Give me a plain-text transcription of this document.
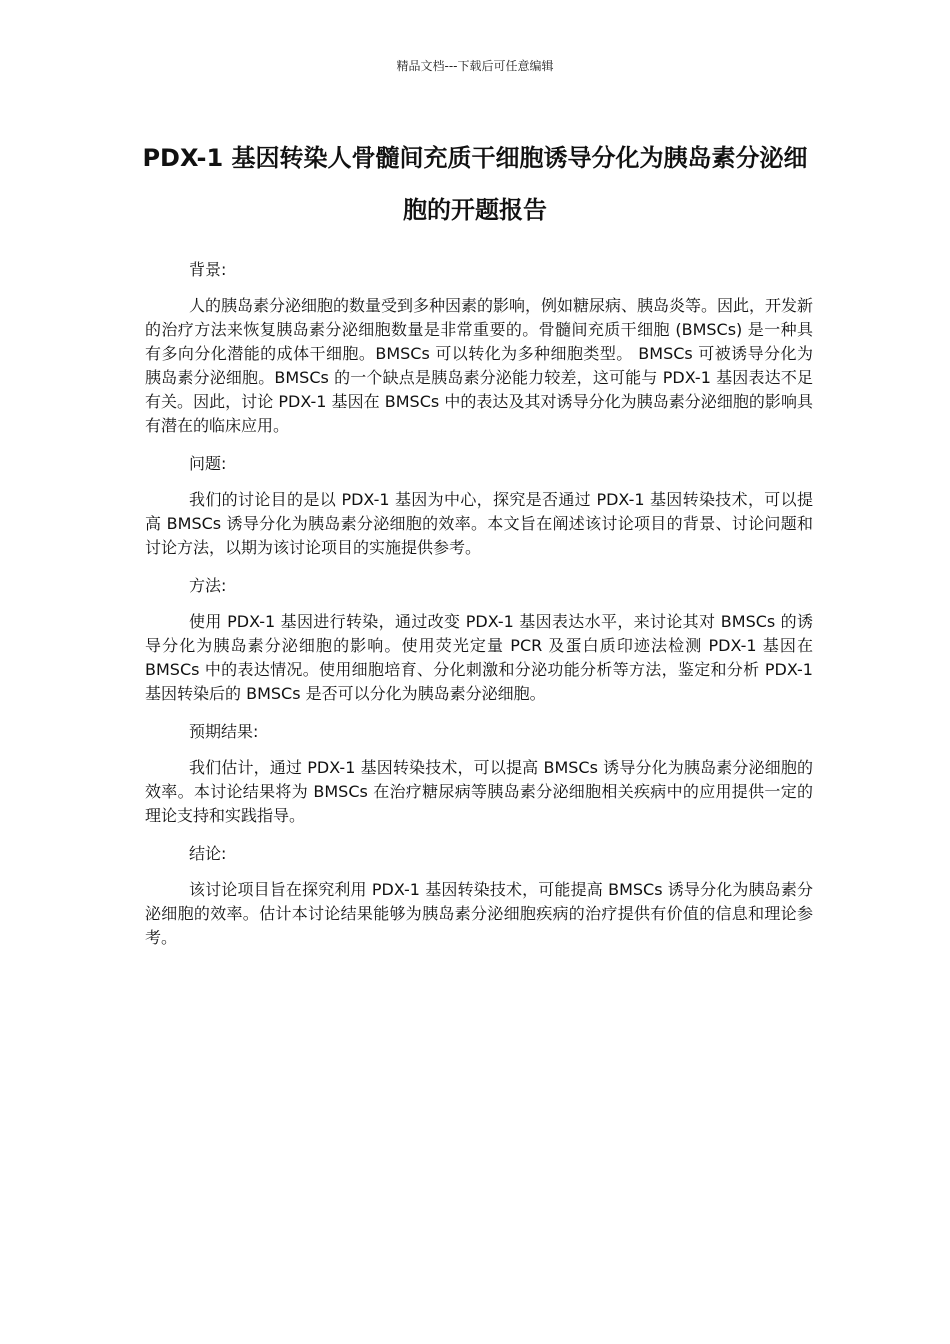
精品文档---下载后可任意编辑
PDX-1 基因转染人骨髓间充质干细胞诱导分化为胰岛素分泌细胞的开题报告

背景:

人的胰岛素分泌细胞的数量受到多种因素的影响，例如糖尿病、胰岛炎等。因此，开发新的治疗方法来恢复胰岛素分泌细胞数量是非常重要的。骨髓间充质干细胞 (BMSCs) 是一种具有多向分化潜能的成体干细胞。BMSCs 可以转化为多种细胞类型。 BMSCs 可被诱导分化为胰岛素分泌细胞。BMSCs 的一个缺点是胰岛素分泌能力较差，这可能与 PDX-1 基因表达不足有关。因此，讨论 PDX-1 基因在 BMSCs 中的表达及其对诱导分化为胰岛素分泌细胞的影响具有潜在的临床应用。

问题:

我们的讨论目的是以 PDX-1 基因为中心，探究是否通过 PDX-1 基因转染技术，可以提高 BMSCs 诱导分化为胰岛素分泌细胞的效率。本文旨在阐述该讨论项目的背景、讨论问题和讨论方法，以期为该讨论项目的实施提供参考。

方法:

使用 PDX-1 基因进行转染，通过改变 PDX-1 基因表达水平，来讨论其对 BMSCs 的诱导分化为胰岛素分泌细胞的影响。使用荧光定量 PCR 及蛋白质印迹法检测 PDX-1 基因在 BMSCs 中的表达情况。使用细胞培育、分化刺激和分泌功能分析等方法，鉴定和分析 PDX-1 基因转染后的 BMSCs 是否可以分化为胰岛素分泌细胞。

预期结果:

我们估计，通过 PDX-1 基因转染技术，可以提高 BMSCs 诱导分化为胰岛素分泌细胞的效率。本讨论结果将为 BMSCs 在治疗糖尿病等胰岛素分泌细胞相关疾病中的应用提供一定的理论支持和实践指导。

结论:

该讨论项目旨在探究利用 PDX-1 基因转染技术，可能提高 BMSCs 诱导分化为胰岛素分泌细胞的效率。估计本讨论结果能够为胰岛素分泌细胞疾病的治疗提供有价值的信息和理论参考。
